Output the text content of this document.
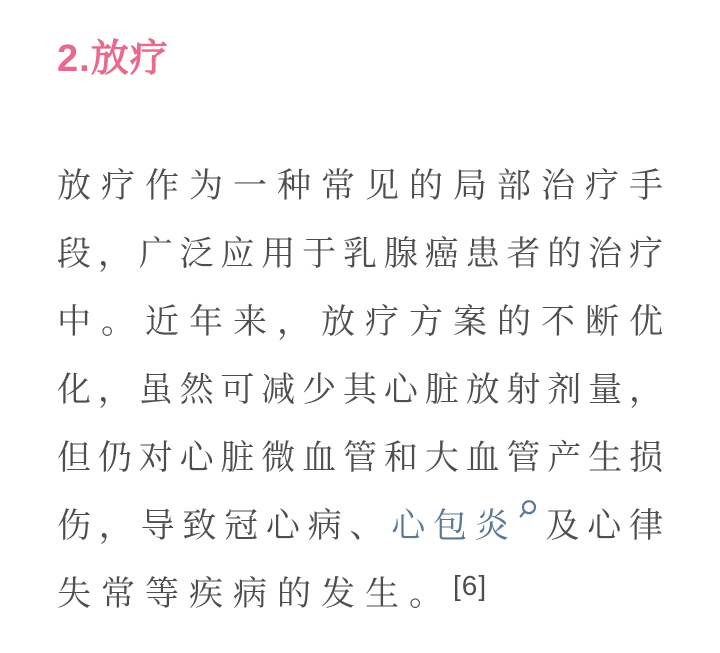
2.放疗
放疗作为一种常见的局部治疗手
段，广泛应用于乳腺癌患者的治疗
中。近年来，放疗方案的不断优
化，虽然可减少其心脏放射剂量，
但仍对心脏微血管和大血管产生损
伤，导致冠心病、心包炎 及心律
失常等疾病的发生。[6]
